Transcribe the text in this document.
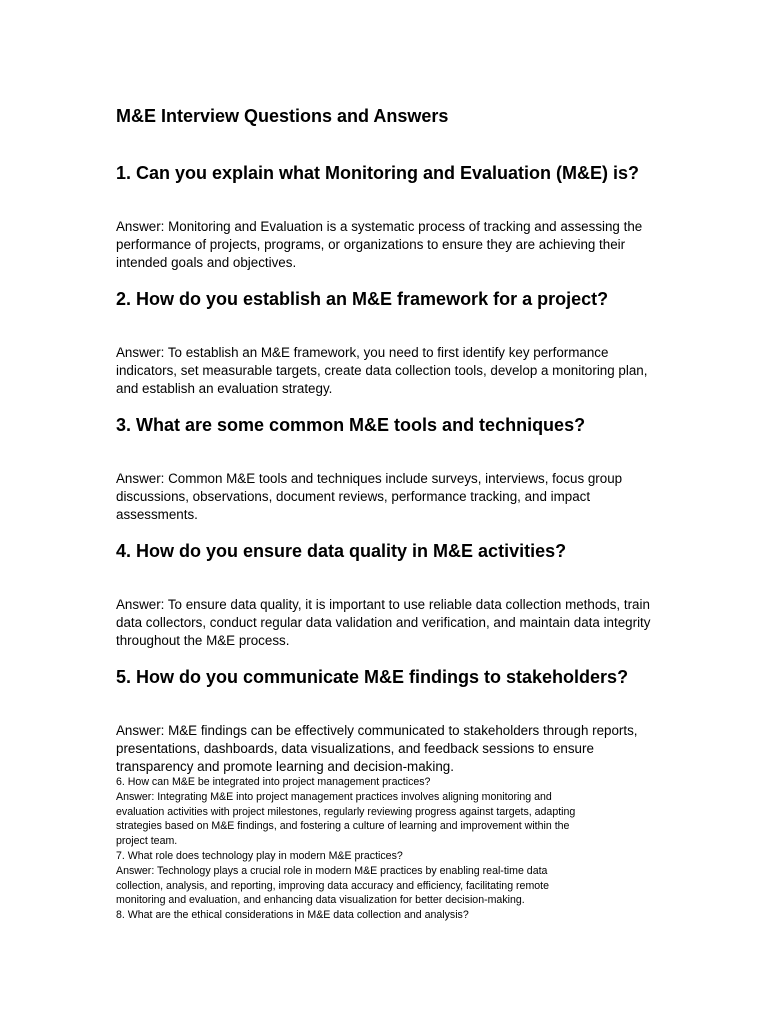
M&E Interview Questions and Answers
1. Can you explain what Monitoring and Evaluation (M&E) is?

Answer: Monitoring and Evaluation is a systematic process of tracking and assessing the performance of projects, programs, or organizations to ensure they are achieving their intended goals and objectives.

2. How do you establish an M&E framework for a project?

Answer: To establish an M&E framework, you need to first identify key performance indicators, set measurable targets, create data collection tools, develop a monitoring plan, and establish an evaluation strategy.

3. What are some common M&E tools and techniques?

Answer: Common M&E tools and techniques include surveys, interviews, focus group discussions, observations, document reviews, performance tracking, and impact assessments.

4. How do you ensure data quality in M&E activities?

Answer: To ensure data quality, it is important to use reliable data collection methods, train data collectors, conduct regular data validation and verification, and maintain data integrity throughout the M&E process.

5. How do you communicate M&E findings to stakeholders?

Answer: M&E findings can be effectively communicated to stakeholders through reports, presentations, dashboards, data visualizations, and feedback sessions to ensure transparency and promote learning and decision-making.

6. How can M&E be integrated into project management practices?

Answer: Integrating M&E into project management practices involves aligning monitoring and

evaluation activities with project milestones, regularly reviewing progress against targets, adapting

strategies based on M&E findings, and fostering a culture of learning and improvement within the

project team.

7. What role does technology play in modern M&E practices?

Answer: Technology plays a crucial role in modern M&E practices by enabling real-time data

collection, analysis, and reporting, improving data accuracy and efficiency, facilitating remote

monitoring and evaluation, and enhancing data visualization for better decision-making.

8. What are the ethical considerations in M&E data collection and analysis?
